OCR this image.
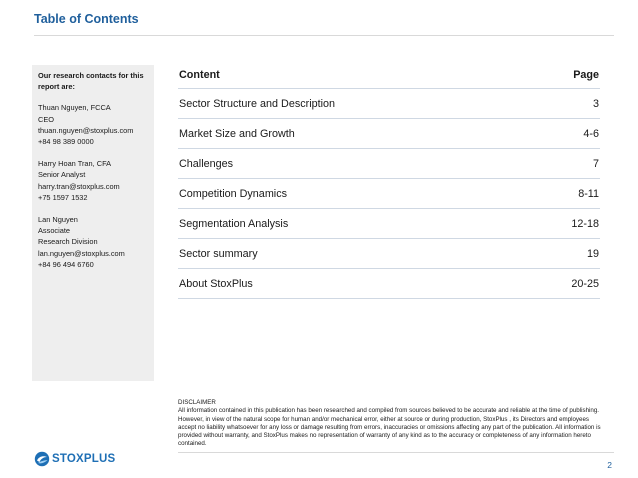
Table of Contents
Our research contacts for this report are:
Thuan Nguyen, FCCA
CEO
thuan.nguyen@stoxplus.com
+84 98 389 0000
Harry Hoan Tran, CFA
Senior Analyst
harry.tran@stoxplus.com
+75 1597 1532
Lan Nguyen
Associate
Research Division
lan.nguyen@stoxplus.com
+84 96 494 6760
Content	Page
Sector Structure and Description	3
Market Size and Growth	4-6
Challenges	7
Competition Dynamics	8-11
Segmentation Analysis	12-18
Sector summary	19
About StoxPlus	20-25
DISCLAIMER
All information contained in this publication has been researched and compiled from sources believed to be accurate and reliable at the time of publishing. However, in view of the natural scope for human and/or mechanical error, either at source or during production, StoxPlus , its Directors and employees accept no liability whatsoever for any loss or damage resulting from errors, inaccuracies or omissions affecting any part of the publication. All information is provided without warranty, and StoxPlus makes no representation of warranty of any kind as to the accuracy or completeness of any information hereto contained.
STOXPLUS	2
